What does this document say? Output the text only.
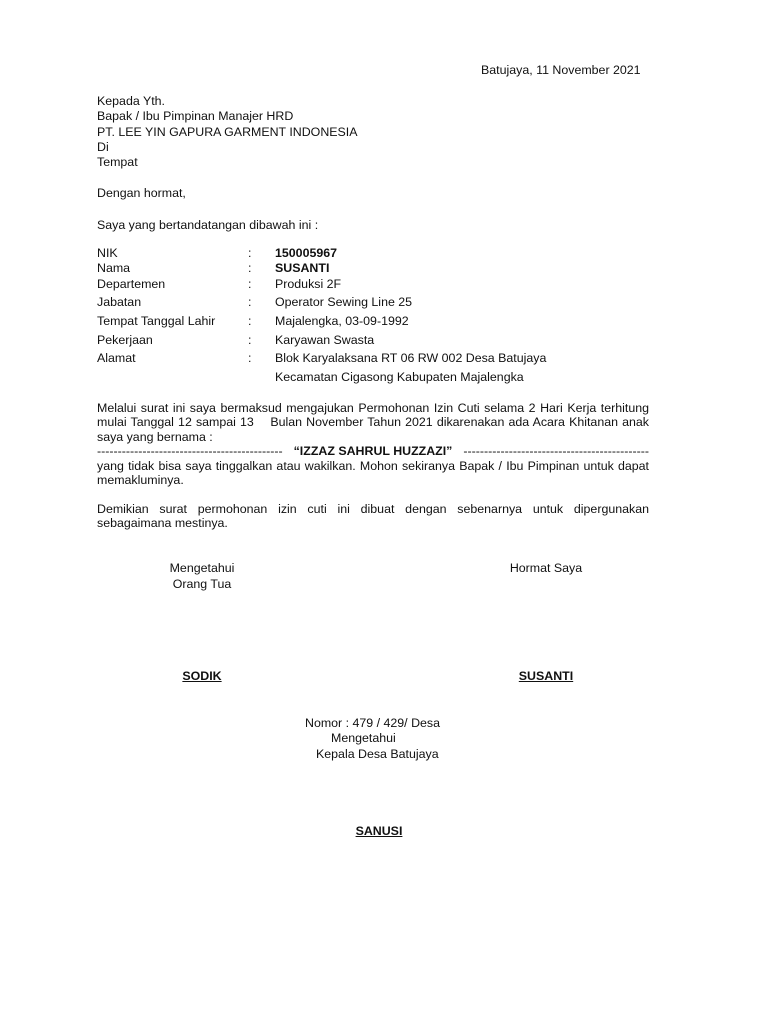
Batujaya, 11 November 2021
Kepada Yth.
Bapak / Ibu Pimpinan Manajer HRD
PT. LEE YIN GAPURA GARMENT INDONESIA
Di
Tempat
Dengan hormat,
Saya yang bertandatangan dibawah ini :
NIK	: 150005967
Nama	: SUSANTI
Departemen	: Produksi 2F
Jabatan	: Operator Sewing Line 25
Tempat Tanggal Lahir	: Majalengka, 03-09-1992
Pekerjaan	: Karyawan Swasta
Alamat	: Blok Karyalaksana RT 06 RW 002 Desa Batujaya
Kecamatan Cigasong Kabupaten Majalengka
Melalui surat ini saya bermaksud mengajukan Permohonan Izin Cuti selama 2 Hari Kerja terhitung
mulai Tanggal 12 sampai 13    Bulan November Tahun 2021 dikarenakan ada Acara Khitanan anak
saya yang bernama :
--------------------------------------------- “IZZAZ SAHRUL HUZZAZI” ---------------------------------------------
yang tidak bisa saya tinggalkan atau wakilkan. Mohon sekiranya Bapak / Ibu Pimpinan untuk dapat
memakluminya.
Demikian surat permohonan izin cuti ini dibuat dengan sebenarnya untuk dipergunakan
sebagaimana mestinya.
Mengetahui
Orang Tua
SODIK
Hormat Saya
SUSANTI
Nomor : 479 / 429/ Desa
Mengetahui
Kepala Desa Batujaya
SANUSI
